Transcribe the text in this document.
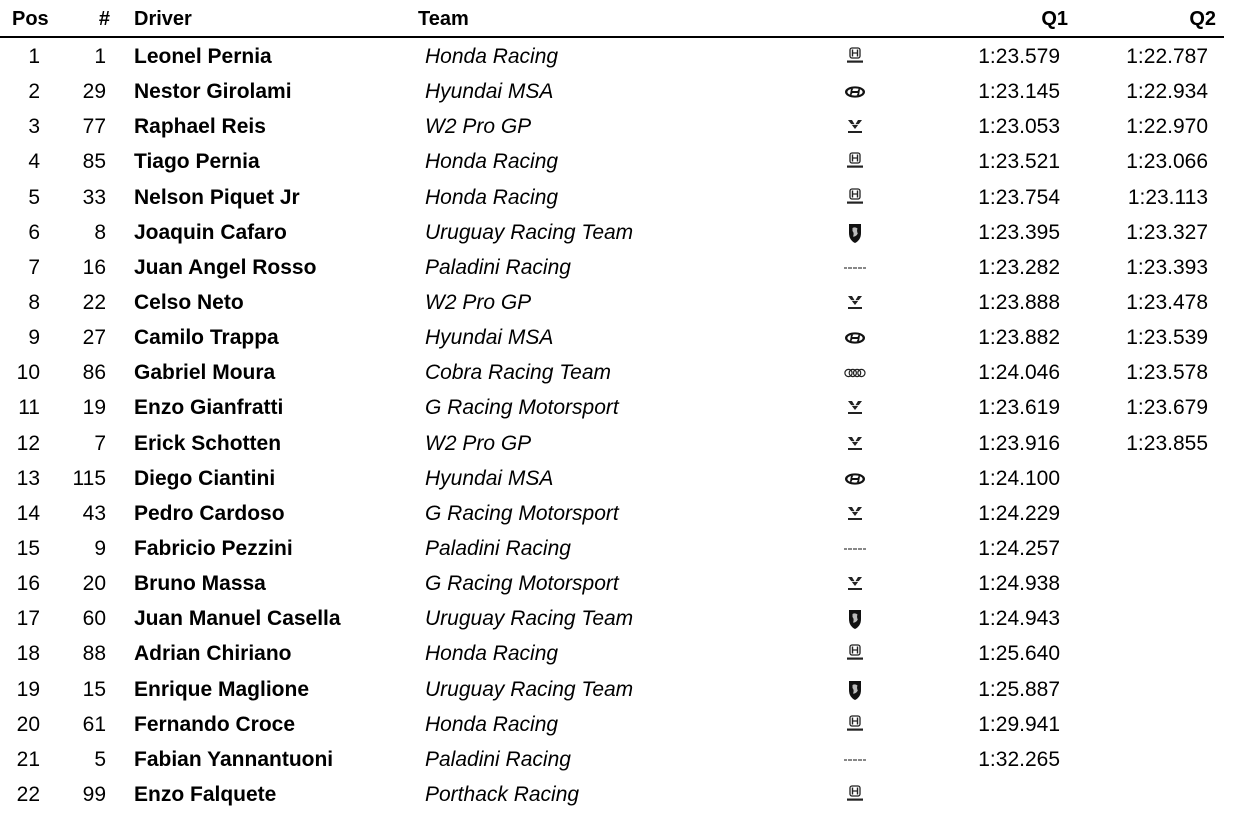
Pos	# Driver	Team	Q1	Q2
1	1 Leonel Pernia	Honda Racing	1:23.579	1:22.787
2	29 Nestor Girolami	Hyundai MSA	1:23.145	1:22.934
3	77 Raphael Reis	W2 Pro GP	1:23.053	1:22.970
4	85 Tiago Pernia	Honda Racing	1:23.521	1:23.066
5	33 Nelson Piquet Jr	Honda Racing	1:23.754	1:23.113
6	8 Joaquin Cafaro	Uruguay Racing Team	1:23.395	1:23.327
7	16 Juan Angel Rosso	Paladini Racing	1:23.282	1:23.393
8	22 Celso Neto	W2 Pro GP	1:23.888	1:23.478
9	27 Camilo Trappa	Hyundai MSA	1:23.882	1:23.539
10	86 Gabriel Moura	Cobra Racing Team	1:24.046	1:23.578
11	19 Enzo Gianfratti	G Racing Motorsport	1:23.619	1:23.679
12	7 Erick Schotten	W2 Pro GP	1:23.916	1:23.855
13	115 Diego Ciantini	Hyundai MSA	1:24.100
14	43 Pedro Cardoso	G Racing Motorsport	1:24.229
15	9 Fabricio Pezzini	Paladini Racing	1:24.257
16	20 Bruno Massa	G Racing Motorsport	1:24.938
17	60 Juan Manuel Casella	Uruguay Racing Team	1:24.943
18	88 Adrian Chiriano	Honda Racing	1:25.640
19	15 Enrique Maglione	Uruguay Racing Team	1:25.887
20	61 Fernando Croce	Honda Racing	1:29.941
21	5 Fabian Yannantuoni	Paladini Racing	1:32.265
22	99 Enzo Falquete	Porthack Racing
